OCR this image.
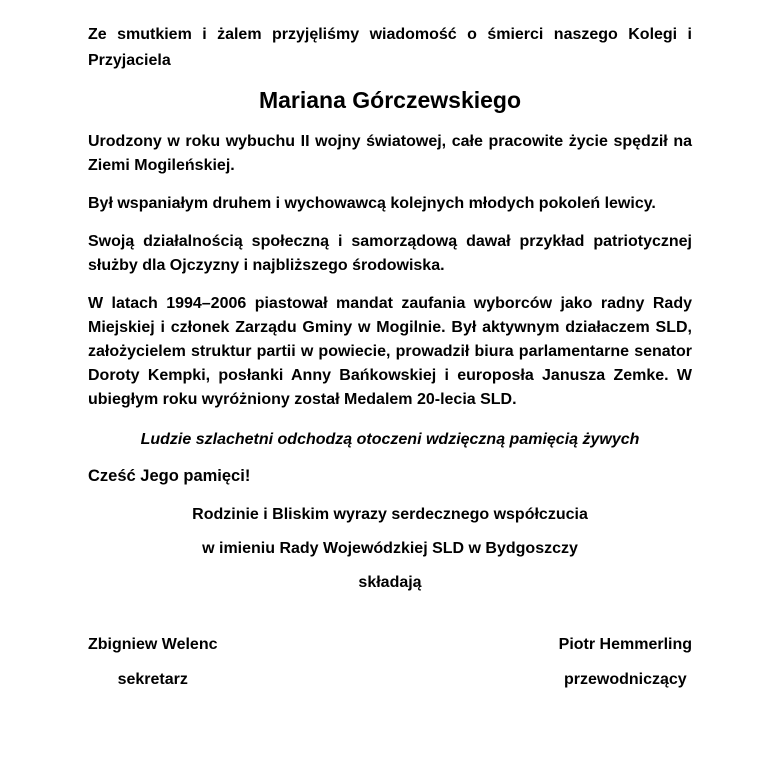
Ze smutkiem i żalem przyjęliśmy wiadomość o śmierci naszego Kolegi i Przyjaciela

Mariana Górczewskiego

Urodzony w roku wybuchu II wojny światowej, całe pracowite życie spędził na Ziemi Mogileńskiej.

Był wspaniałym druhem i wychowawcą kolejnych młodych pokoleń lewicy.

Swoją działalnością społeczną i samorządową dawał przykład patriotycznej służby dla Ojczyzny i najbliższego środowiska.

W latach 1994–2006 piastował mandat zaufania wyborców jako radny Rady Miejskiej i członek Zarządu Gminy w Mogilnie. Był aktywnym działaczem SLD, założycielem struktur partii w powiecie, prowadził biura parlamentarne senator Doroty Kempki, posłanki Anny Bańkowskiej i europosła Janusza Zemke. W ubiegłym roku wyróżniony został Medalem 20-lecia SLD.

Ludzie szlachetni odchodzą otoczeni wdzięczną pamięcią żywych

Cześć Jego pamięci!

Rodzinie i Bliskim wyrazy serdecznego współczucia

w imieniu Rady Wojewódzkiej SLD w Bydgoszczy

składają

Zbigniew Welenc

sekretarz

Piotr Hemmerling

przewodniczący
